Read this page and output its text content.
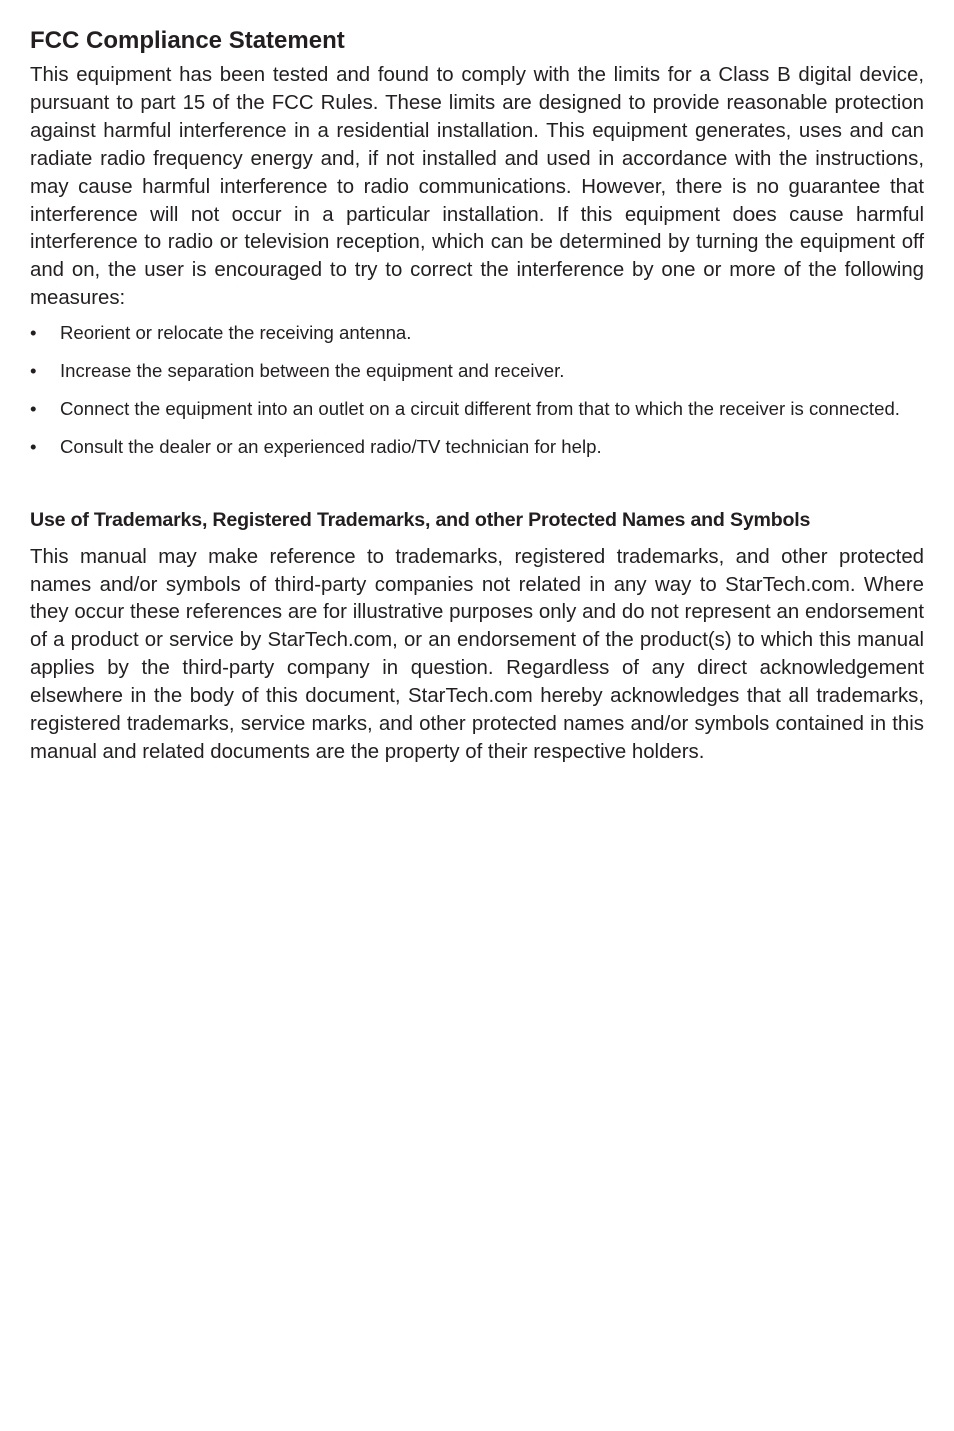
FCC Compliance Statement

This equipment has been tested and found to comply with the limits for a Class B digital device, pursuant to part 15 of the FCC Rules. These limits are designed to provide reasonable protection against harmful interference in a residential installation. This equipment generates, uses and can radiate radio frequency energy and, if not installed and used in accordance with the instructions, may cause harmful interference to radio communications. However, there is no guarantee that interference will not occur in a particular installation. If this equipment does cause harmful interference to radio or television reception, which can be determined by turning the equipment off and on, the user is encouraged to try to correct the interference by one or more of the following measures:

• Reorient or relocate the receiving antenna.
• Increase the separation between the equipment and receiver.
• Connect the equipment into an outlet on a circuit different from that to which the receiver is connected.
• Consult the dealer or an experienced radio/TV technician for help.
Use of Trademarks, Registered Trademarks, and other Protected Names and Symbols

This manual may make reference to trademarks, registered trademarks, and other protected names and/or symbols of third-party companies not related in any way to StarTech.com. Where they occur these references are for illustrative purposes only and do not represent an endorsement of a product or service by StarTech.com, or an endorsement of the product(s) to which this manual applies by the third-party company in question. Regardless of any direct acknowledgement elsewhere in the body of this document, StarTech.com hereby acknowledges that all trademarks, registered trademarks, service marks, and other protected names and/or symbols contained in this manual and related documents are the property of their respective holders.
